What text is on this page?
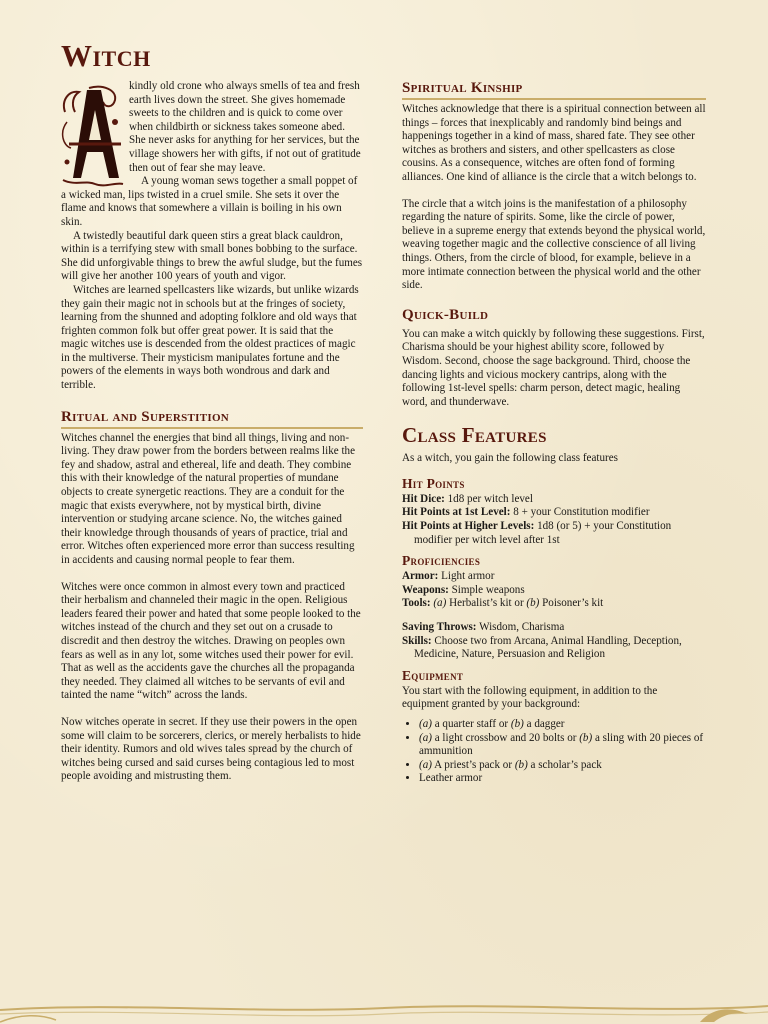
Witch

kindly old crone who always smells of tea and fresh earth lives down the street. She gives homemade sweets to the children and is quick to come over when childbirth or sickness takes someone abed. She never asks for anything for her services, but the village showers her with gifts, if not out of gratitude then out of fear she may leave.

A young woman sews together a small poppet of a wicked man, lips twisted in a cruel smile. She sets it over the flame and knows that somewhere a villain is boiling in his own skin.

A twistedly beautiful dark queen stirs a great black cauldron, within is a terrifying stew with small bones bobbing to the surface. She did unforgivable things to brew the awful sludge, but the fumes will give her another 100 years of youth and vigor.

Witches are learned spellcasters like wizards, but unlike wizards they gain their magic not in schools but at the fringes of society, learning from the shunned and adopting folklore and old ways that frighten common folk but offer great power. It is said that the magic witches use is descended from the oldest practices of magic in the multiverse. Their mysticism manipulates fortune and the powers of the elements in ways both wondrous and dark and terrible.

Ritual and Superstition

Witches channel the energies that bind all things, living and non-living. They draw power from the borders between realms like the fey and shadow, astral and ethereal, life and death. They combine this with their knowledge of the natural properties of mundane objects to create synergetic reactions. They are a conduit for the magic that exists everywhere, not by mystical birth, divine intervention or studying arcane science. No, the witches gained their knowledge through thousands of years of practice, trial and error. Witches often experienced more error than success resulting in accidents and causing normal people to fear them.

Witches were once common in almost every town and practiced their herbalism and channeled their magic in the open. Religious leaders feared their power and hated that some people looked to the witches instead of the church and they set out on a crusade to discredit and then destroy the witches. Drawing on peoples own fears as well as in any lot, some witches used their power for evil. That as well as the accidents gave the churches all the propaganda they needed. They claimed all witches to be servants of evil and tainted the name “witch” across the lands.

Now witches operate in secret. If they use their powers in the open some will claim to be sorcerers, clerics, or merely herbalists to hide their identity. Rumors and old wives tales spread by the church of witches being cursed and said curses being contagious led to most people avoiding and mistrusting them.

Spiritual Kinship

Witches acknowledge that there is a spiritual connection between all things – forces that inexplicably and randomly bind beings and happenings together in a kind of mass, shared fate. They see other witches as brothers and sisters, and other spellcasters as close cousins. As a consequence, witches are often fond of forming alliances. One kind of alliance is the circle that a witch belongs to.

The circle that a witch joins is the manifestation of a philosophy regarding the nature of spirits. Some, like the circle of power, believe in a supreme energy that extends beyond the physical world, weaving together magic and the collective conscience of all living things. Others, from the circle of blood, for example, believe in a more intimate connection between the physical world and the other side.

Quick-Build

You can make a witch quickly by following these suggestions. First, Charisma should be your highest ability score, followed by Wisdom. Second, choose the sage background. Third, choose the dancing lights and vicious mockery cantrips, along with the following 1st-level spells: charm person, detect magic, healing word, and thunderwave.

Class Features

As a witch, you gain the following class features

Hit Points

Hit Dice: 1d8 per witch level

Hit Points at 1st Level: 8 + your Constitution modifier

Hit Points at Higher Levels: 1d8 (or 5) + your Constitution modifier per witch level after 1st

Proficiencies

Armor: Light armor

Weapons: Simple weapons

Tools: (a) Herbalist’s kit or (b) Poisoner’s kit

Saving Throws: Wisdom, Charisma

Skills: Choose two from Arcana, Animal Handling, Deception, Medicine, Nature, Persuasion and Religion

Equipment

You start with the following equipment, in addition to the equipment granted by your background:

• (a) a quarter staff or (b) a dagger
• (a) a light crossbow and 20 bolts or (b) a sling with 20 pieces of ammunition
• (a) A priest’s pack or (b) a scholar’s pack
• Leather armor
